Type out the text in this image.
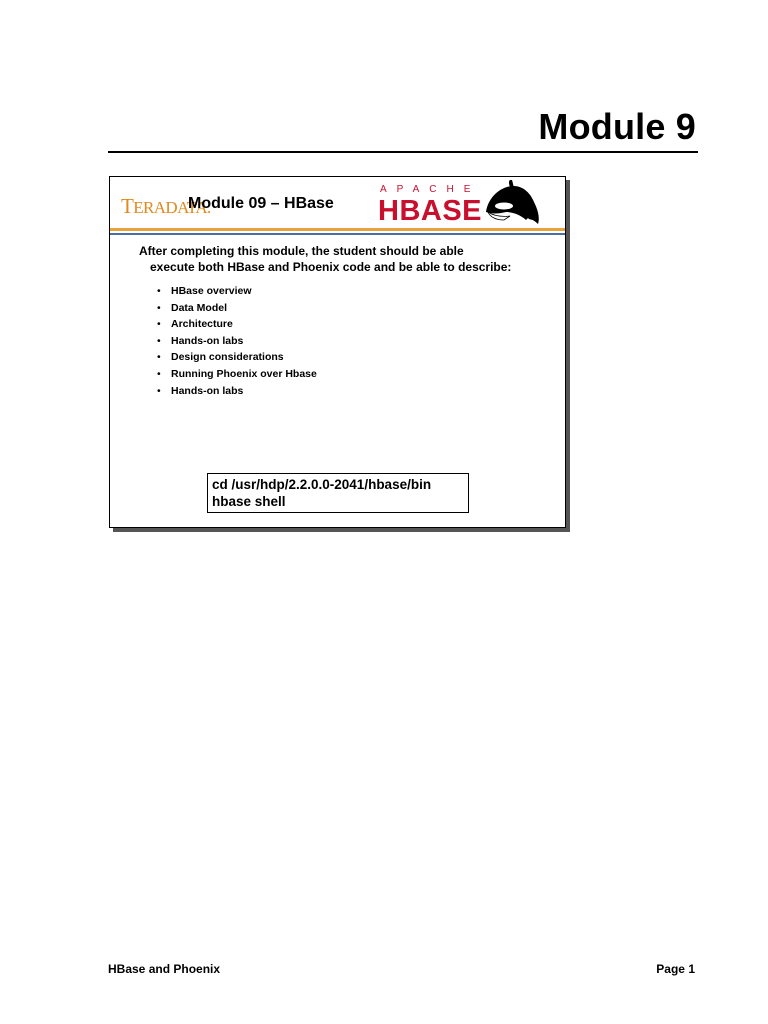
Module 9
TERADATA.
Module 09 – HBase
APACHE
HBASE
After completing this module, the student should be able
execute both HBase and Phoenix code and be able to describe:
• HBase overview
• Data Model
• Architecture
• Hands-on labs
• Design considerations
• Running Phoenix over Hbase
• Hands-on labs
cd /usr/hdp/2.2.0.0-2041/hbase/bin
hbase shell
HBase and Phoenix	Page 1
